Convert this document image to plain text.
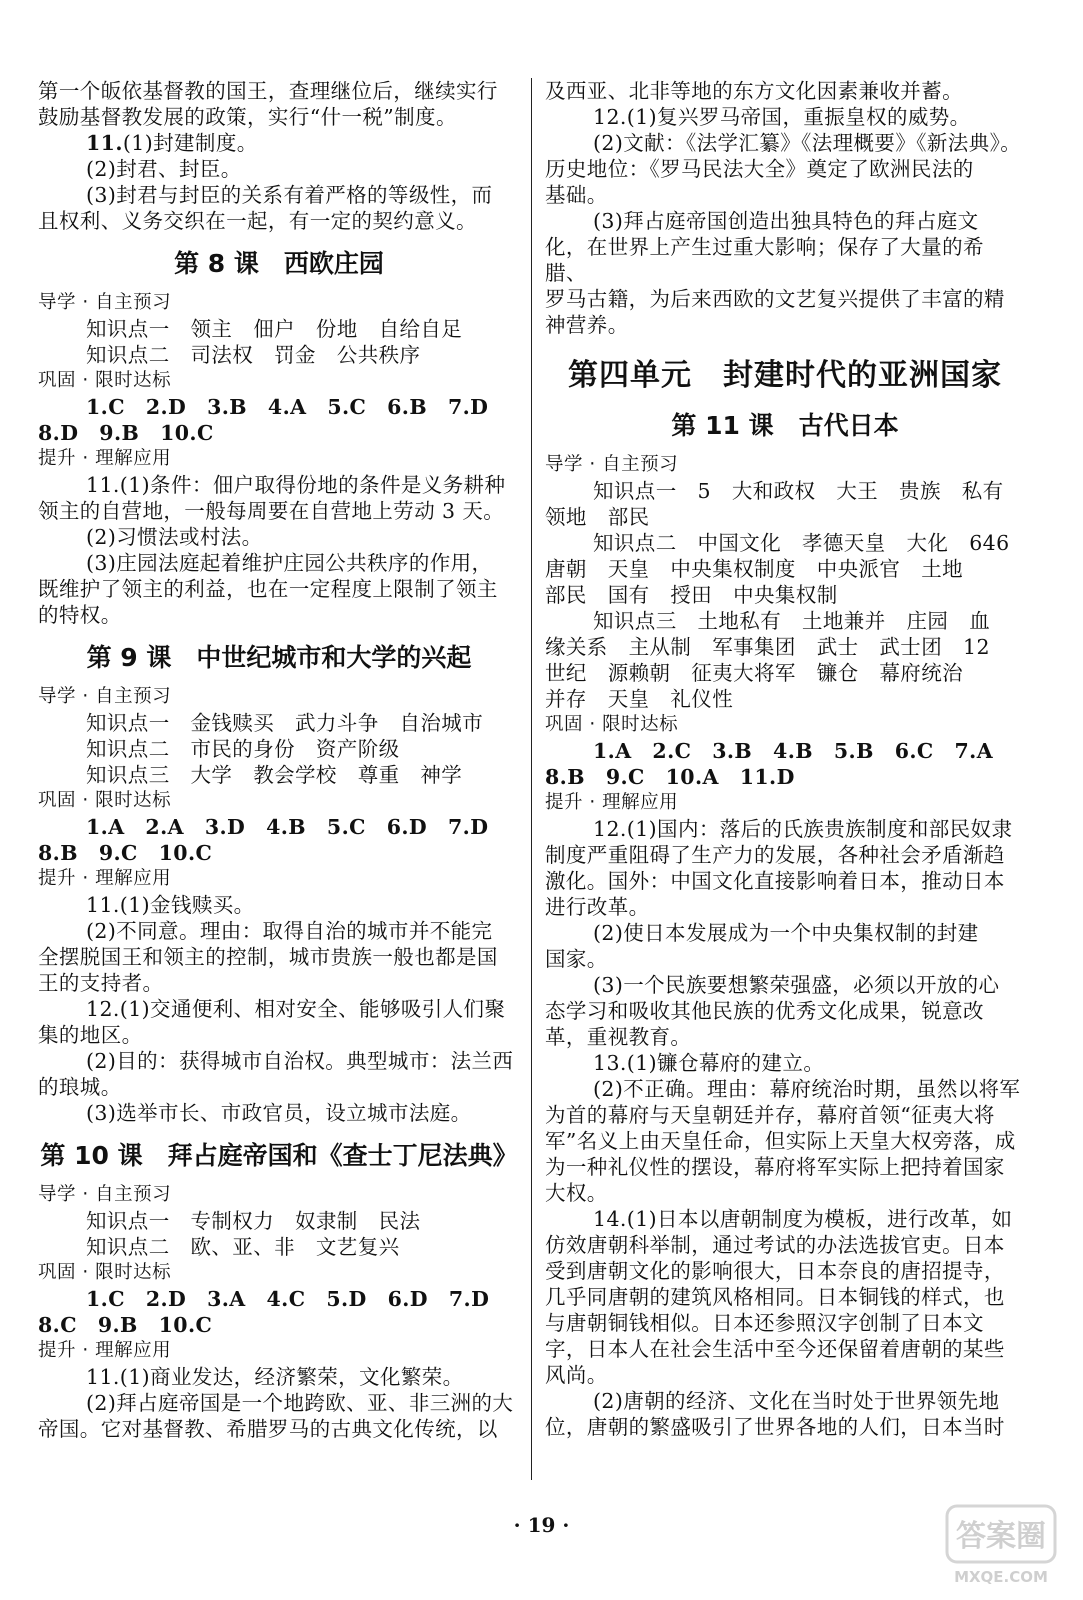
第一个皈依基督教的国王，查理继位后，继续实行

鼓励基督教发展的政策，实行“什一税”制度。

11.(1)封建制度。

(2)封君、封臣。

(3)封君与封臣的关系有着严格的等级性，而

且权利、义务交织在一起，有一定的契约意义。

第 8 课　西欧庄园

导学 · 自主预习

知识点一　领主　佃户　份地　自给自足

知识点二　司法权　罚金　公共秩序

巩固 · 限时达标

1.C　2.D　3.B　4.A　5.C　6.B　7.D

8.D　9.B　10.C

提升 · 理解应用

11.(1)条件：佃户取得份地的条件是义务耕种

领主的自营地，一般每周要在自营地上劳动 3 天。

(2)习惯法或村法。

(3)庄园法庭起着维护庄园公共秩序的作用，

既维护了领主的利益，也在一定程度上限制了领主

的特权。

第 9 课　中世纪城市和大学的兴起

导学 · 自主预习

知识点一　金钱赎买　武力斗争　自治城市

知识点二　市民的身份　资产阶级

知识点三　大学　教会学校　尊重　神学

巩固 · 限时达标

1.A　2.A　3.D　4.B　5.C　6.D　7.D

8.B　9.C　10.C

提升 · 理解应用

11.(1)金钱赎买。

(2)不同意。理由：取得自治的城市并不能完

全摆脱国王和领主的控制，城市贵族一般也都是国

王的支持者。

12.(1)交通便利、相对安全、能够吸引人们聚

集的地区。

(2)目的：获得城市自治权。典型城市：法兰西

的琅城。

(3)选举市长、市政官员，设立城市法庭。

第 10 课　拜占庭帝国和《查士丁尼法典》

导学 · 自主预习

知识点一　专制权力　奴隶制　民法

知识点二　欧、亚、非　文艺复兴

巩固 · 限时达标

1.C　2.D　3.A　4.C　5.D　6.D　7.D

8.C　9.B　10.C

提升 · 理解应用

11.(1)商业发达，经济繁荣，文化繁荣。

(2)拜占庭帝国是一个地跨欧、亚、非三洲的大

帝国。它对基督教、希腊罗马的古典文化传统，以

及西亚、北非等地的东方文化因素兼收并蓄。

12.(1)复兴罗马帝国，重振皇权的威势。

(2)文献：《法学汇纂》《法理概要》《新法典》。

历史地位：《罗马民法大全》奠定了欧洲民法的

基础。

(3)拜占庭帝国创造出独具特色的拜占庭文

化，在世界上产生过重大影响；保存了大量的希腊、

罗马古籍，为后来西欧的文艺复兴提供了丰富的精

神营养。

第四单元　封建时代的亚洲国家
第 11 课　古代日本

导学 · 自主预习

知识点一　5　大和政权　大王　贵族　私有

领地　部民

知识点二　中国文化　孝德天皇　大化　646

唐朝　天皇　中央集权制度　中央派官　土地

部民　国有　授田　中央集权制

知识点三　土地私有　土地兼并　庄园　血

缘关系　主从制　军事集团　武士　武士团　12

世纪　源赖朝　征夷大将军　镰仓　幕府统治

并存　天皇　礼仪性

巩固 · 限时达标

1.A　2.C　3.B　4.B　5.B　6.C　7.A

8.B　9.C　10.A　11.D

提升 · 理解应用

12.(1)国内：落后的氏族贵族制度和部民奴隶

制度严重阻碍了生产力的发展，各种社会矛盾渐趋

激化。国外：中国文化直接影响着日本，推动日本

进行改革。

(2)使日本发展成为一个中央集权制的封建

国家。

(3)一个民族要想繁荣强盛，必须以开放的心

态学习和吸收其他民族的优秀文化成果，锐意改

革，重视教育。

13.(1)镰仓幕府的建立。

(2)不正确。理由：幕府统治时期，虽然以将军

为首的幕府与天皇朝廷并存，幕府首领“征夷大将

军”名义上由天皇任命，但实际上天皇大权旁落，成

为一种礼仪性的摆设，幕府将军实际上把持着国家

大权。

14.(1)日本以唐朝制度为模板，进行改革，如

仿效唐朝科举制，通过考试的办法选拔官吏。日本

受到唐朝文化的影响很大，日本奈良的唐招提寺，

几乎同唐朝的建筑风格相同。日本铜钱的样式，也

与唐朝铜钱相似。日本还参照汉字创制了日本文

字，日本人在社会生活中至今还保留着唐朝的某些

风尚。

(2)唐朝的经济、文化在当时处于世界领先地

位，唐朝的繁盛吸引了世界各地的人们，日本当时

· 19 ·	答案圈
MXQE.COM
